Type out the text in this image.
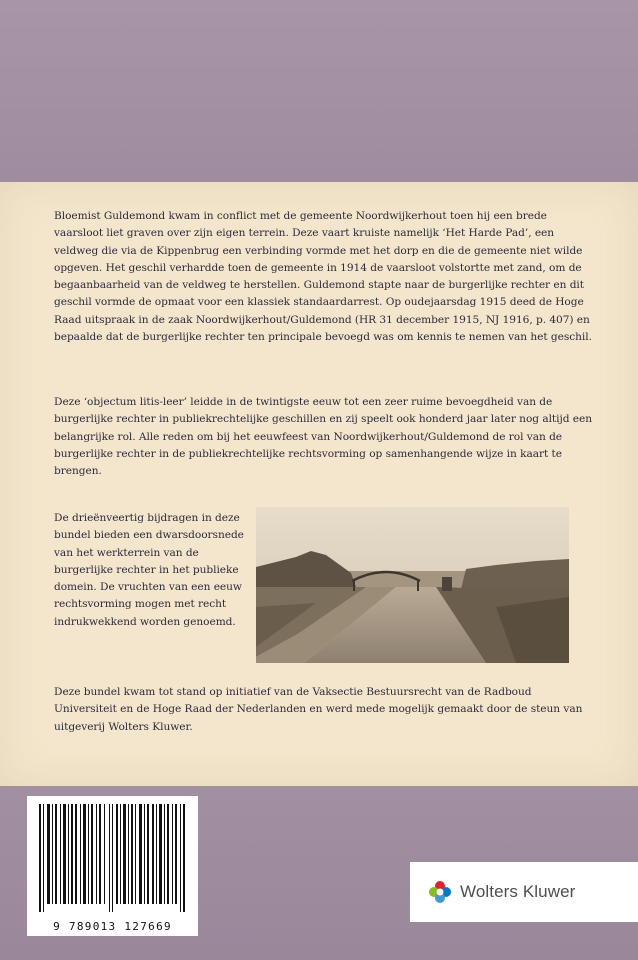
Bloemist Guldemond kwam in conflict met de gemeente Noordwijkerhout toen hij een brede vaarsloot liet graven over zijn eigen terrein. Deze vaart kruiste namelijk ‘Het Harde Pad’, een veldweg die via de Kippenbrug een verbinding vormde met het dorp en die de gemeente niet wilde opgeven. Het geschil verhardde toen de gemeente in 1914 de vaarsloot volstortte met zand, om de begaanbaarheid van de veldweg te herstellen. Guldemond stapte naar de burgerlijke rechter en dit geschil vormde de opmaat voor een klassiek standaardarrest. Op oudejaarsdag 1915 deed de Hoge Raad uitspraak in de zaak Noordwijkerhout/Guldemond (HR 31 december 1915, NJ 1916, p. 407) en bepaalde dat de burgerlijke rechter ten principale bevoegd was om kennis te nemen van het geschil.

Deze ‘objectum litis-leer’ leidde in de twintigste eeuw tot een zeer ruime bevoegdheid van de burgerlijke rechter in publiekrechtelijke geschillen en zij speelt ook honderd jaar later nog altijd een belangrijke rol. Alle reden om bij het eeuwfeest van Noordwijkerhout/Guldemond de rol van de burgerlijke rechter in de publiekrechtelijke rechtsvorming op samenhangende wijze in kaart te brengen.

De drieënveertig bijdragen in deze bundel bieden een dwarsdoorsnede van het werkterrein van de burgerlijke rechter in het publieke domein. De vruchten van een eeuw rechtsvorming mogen met recht indrukwekkend worden genoemd.

Deze bundel kwam tot stand op initiatief van de Vaksectie Bestuursrecht van de Radboud Universiteit en de Hoge Raad der Nederlanden en werd mede mogelijk gemaakt door de steun van uitgeverij Wolters Kluwer.

9 789013 127669
Wolters Kluwer
